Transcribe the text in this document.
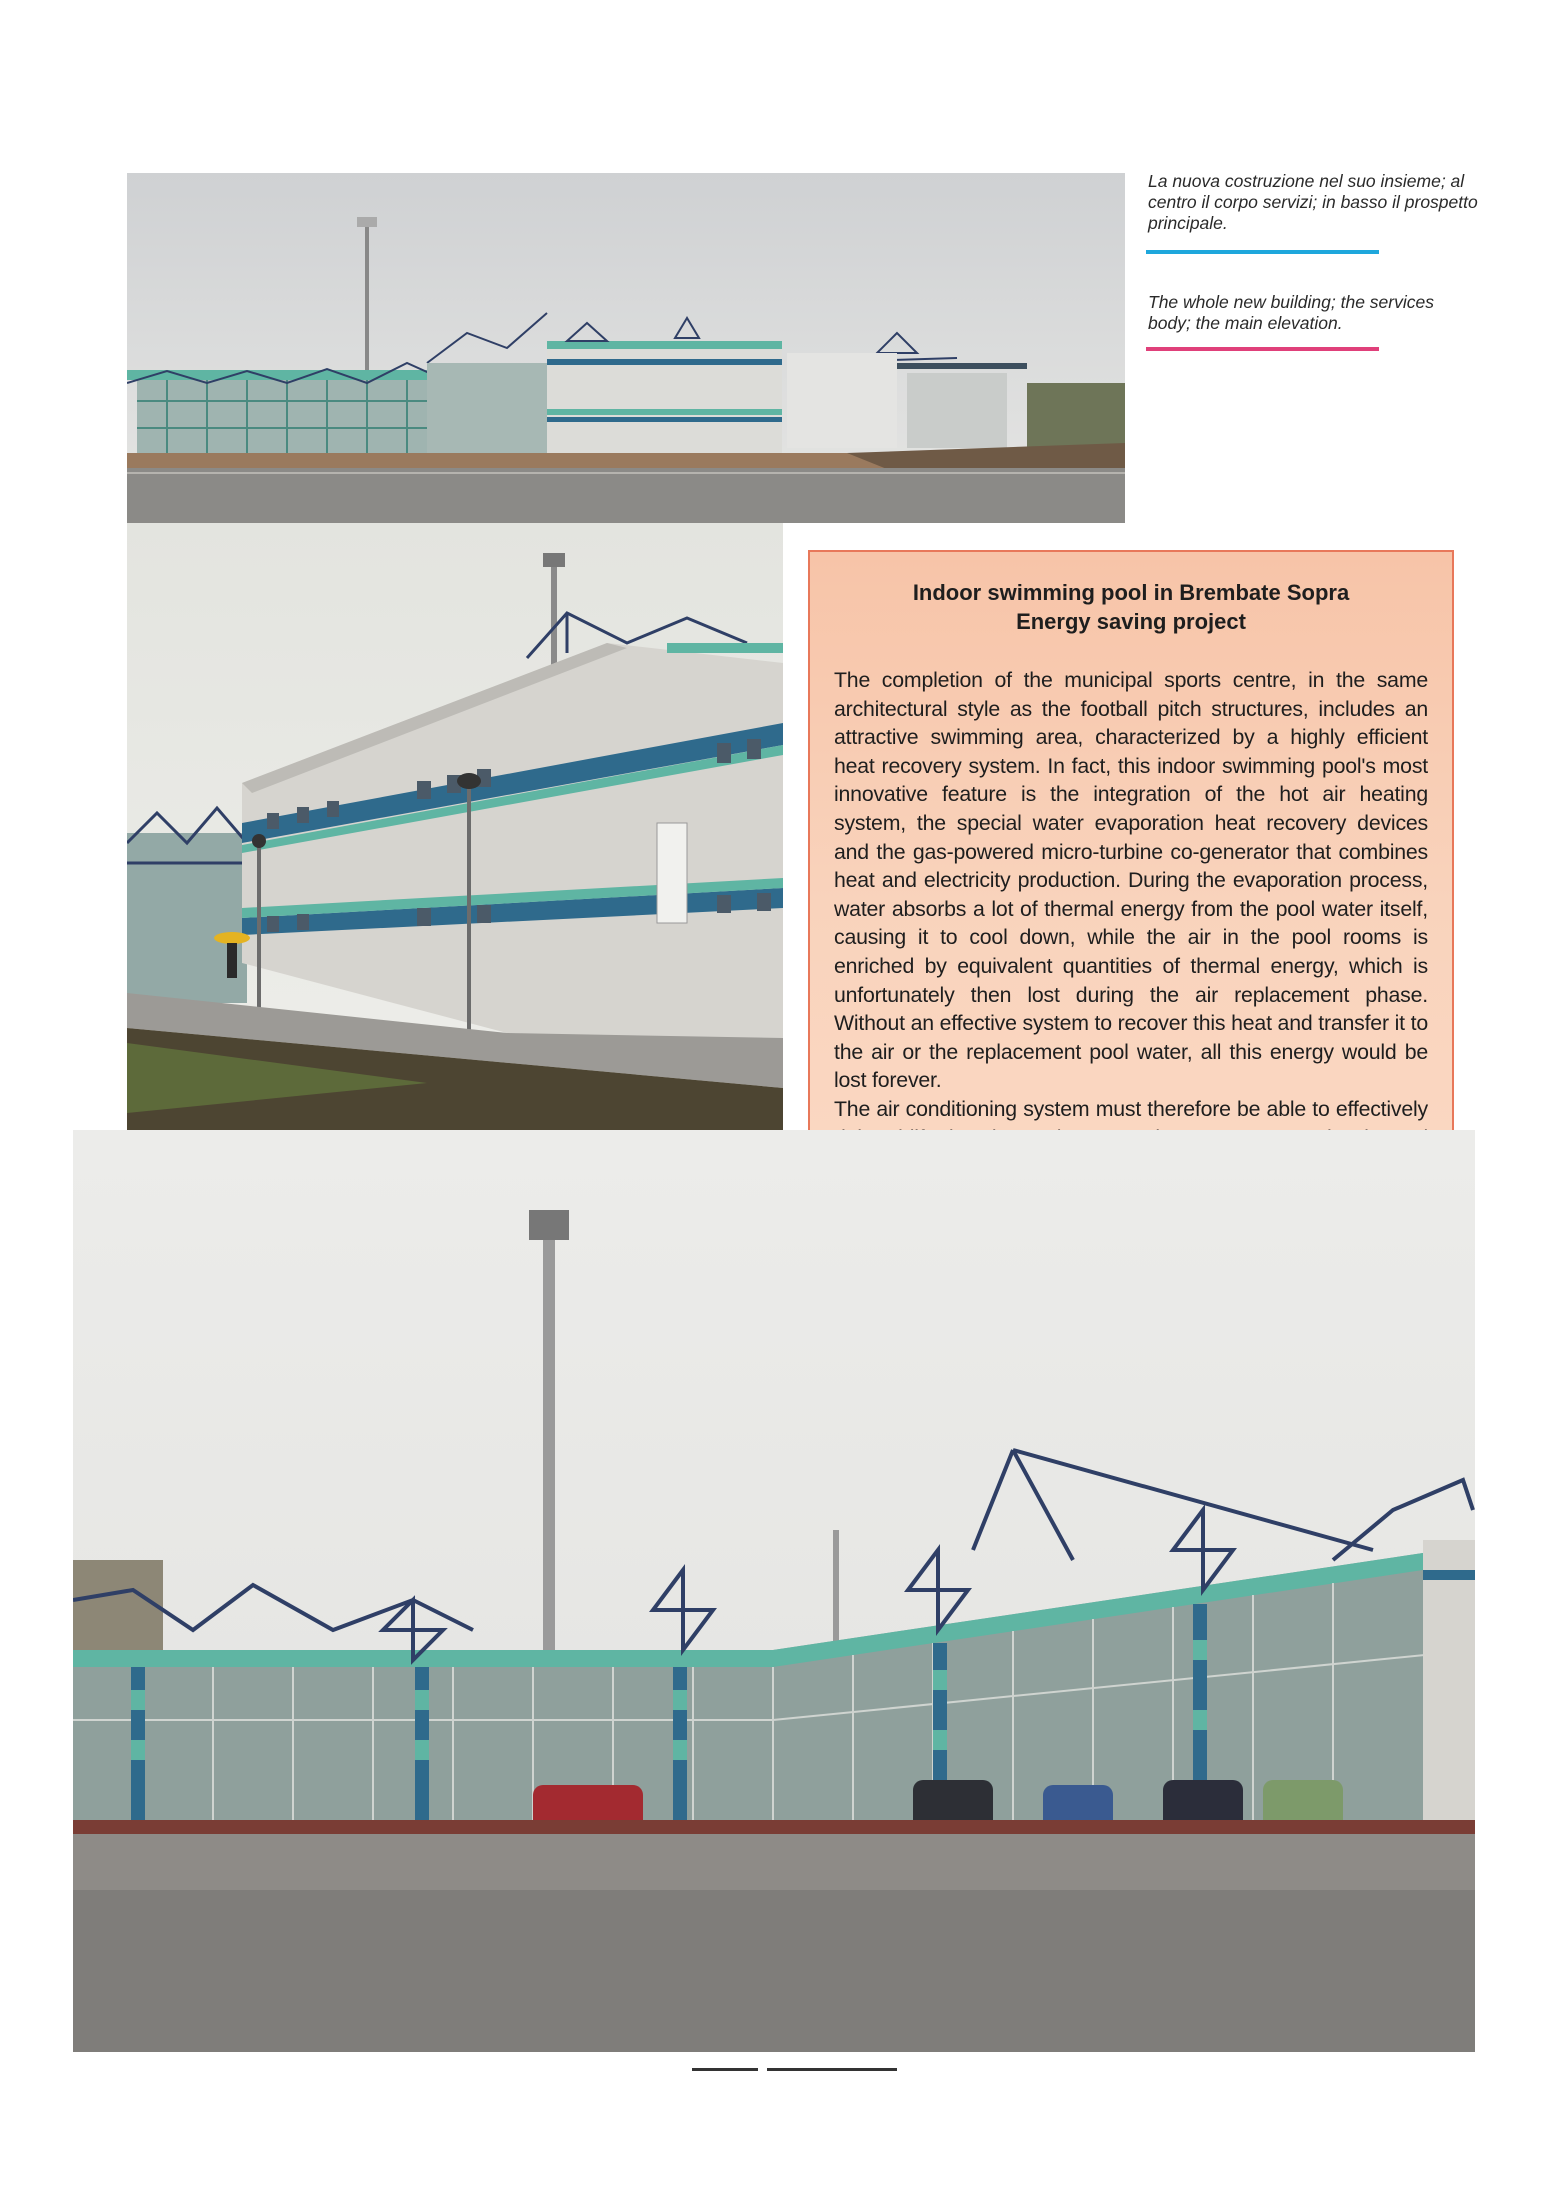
La nuova costruzione nel suo insieme; al centro il corpo servizi; in basso il prospetto principale.

The whole new building; the services body; the main elevation.

Indoor swimming pool in Brembate Sopra
Energy saving project

The completion of the municipal sports centre, in the same architectural style as the football pitch structures, includes an attractive swimming area, characterized by a highly efficient heat recovery system. In fact, this indoor swimming pool's most innovative feature is the integration of the hot air heating system, the special water evaporation heat recovery devices and the gas-powered micro-turbine co-generator that combines heat and electricity production. During the evaporation process, water absorbs a lot of thermal energy from the pool water itself, causing it to cool down, while the air in the pool rooms is enriched by equivalent quantities of thermal energy, which is unfortunately then lost during the air replacement phase. Without an effective system to recover this heat and transfer it to the air or the replacement pool water, all this energy would be lost forever.

The air conditioning system must therefore be able to effectively
